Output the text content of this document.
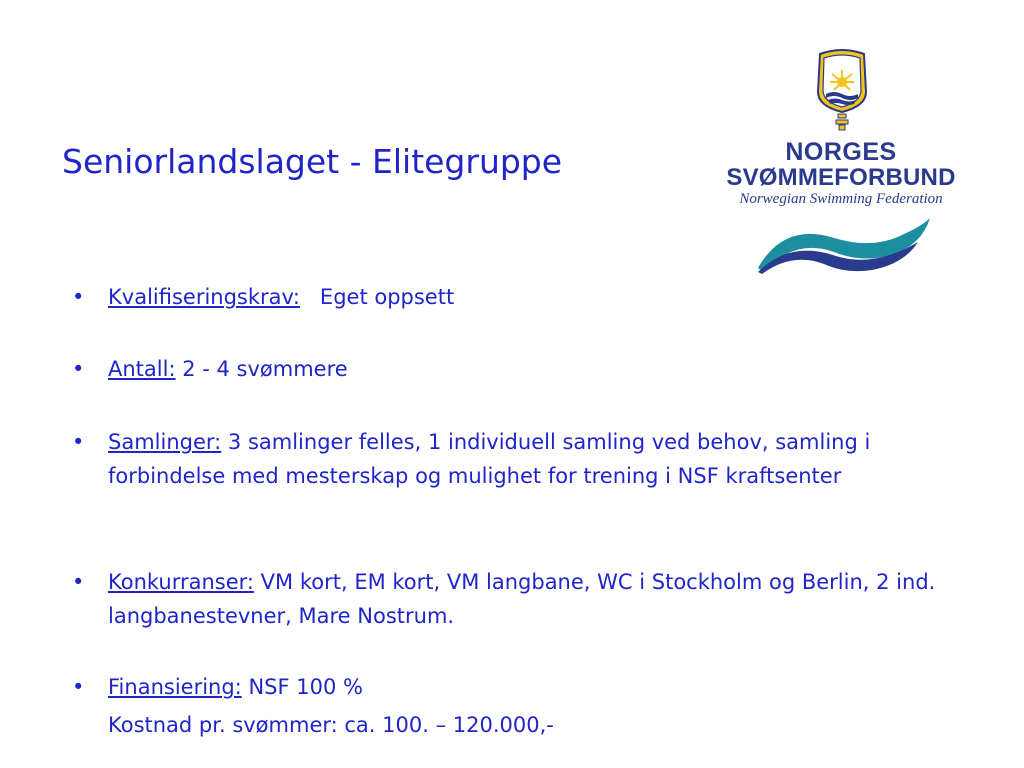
Seniorlandslaget - Elitegruppe	NORGES
SVØMMEFORBUND
Norwegian Swimming Federation
•	Kvalifiseringskrav:   Eget oppsett
•	Antall: 2 - 4 svømmere
•	Samlinger: 3 samlinger felles, 1 individuell samling ved behov, samling i forbindelse med mesterskap og mulighet for trening i NSF kraftsenter
•	Konkurranser: VM kort, EM kort, VM langbane, WC i Stockholm og Berlin, 2 ind. langbanestevner, Mare Nostrum.
•	Finansiering: NSF 100 %
Kostnad pr. svømmer: ca. 100. – 120.000,-
